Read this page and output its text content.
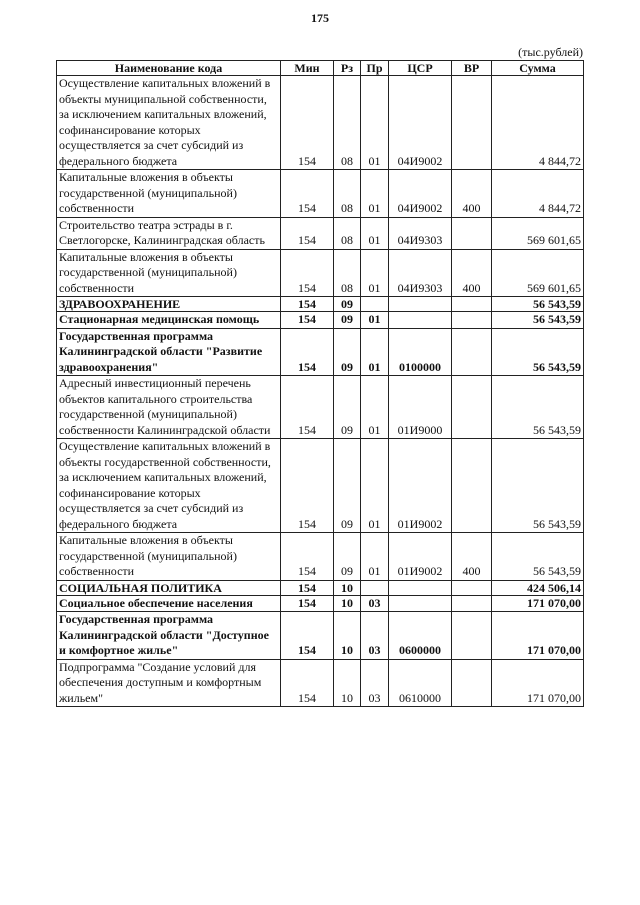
175
(тыс.рублей)
Наименование кода	Мин	Рз	Пр	ЦСР	ВР	Сумма
Осуществление капитальных вложений в объекты муниципальной собственности, за исключением капитальных вложений, софинансирование которых осуществляется за счет субсидий из федерального бюджета	154	08	01	04И9002		4 844,72
Капитальные вложения в объекты государственной (муниципальной) собственности	154	08	01	04И9002	400	4 844,72
Строительство театра эстрады в г. Светлогорске, Калининградская область	154	08	01	04И9303		569 601,65
Капитальные вложения в объекты государственной (муниципальной) собственности	154	08	01	04И9303	400	569 601,65
ЗДРАВООХРАНЕНИЕ	154	09				56 543,59
Стационарная медицинская помощь	154	09	01			56 543,59
Государственная программа Калининградской области "Развитие здравоохранения"	154	09	01	0100000		56 543,59
Адресный инвестиционный перечень объектов капитального строительства государственной (муниципальной) собственности Калининградской области	154	09	01	01И9000		56 543,59
Осуществление капитальных вложений в объекты государственной собственности, за исключением капитальных вложений, софинансирование которых осуществляется за счет субсидий из федерального бюджета	154	09	01	01И9002		56 543,59
Капитальные вложения в объекты государственной (муниципальной) собственности	154	09	01	01И9002	400	56 543,59
СОЦИАЛЬНАЯ ПОЛИТИКА	154	10				424 506,14
Социальное обеспечение населения	154	10	03			171 070,00
Государственная программа Калининградской области "Доступное и комфортное жилье"	154	10	03	0600000		171 070,00
Подпрограмма "Создание условий для обеспечения доступным и комфортным жильем"	154	10	03	0610000		171 070,00
